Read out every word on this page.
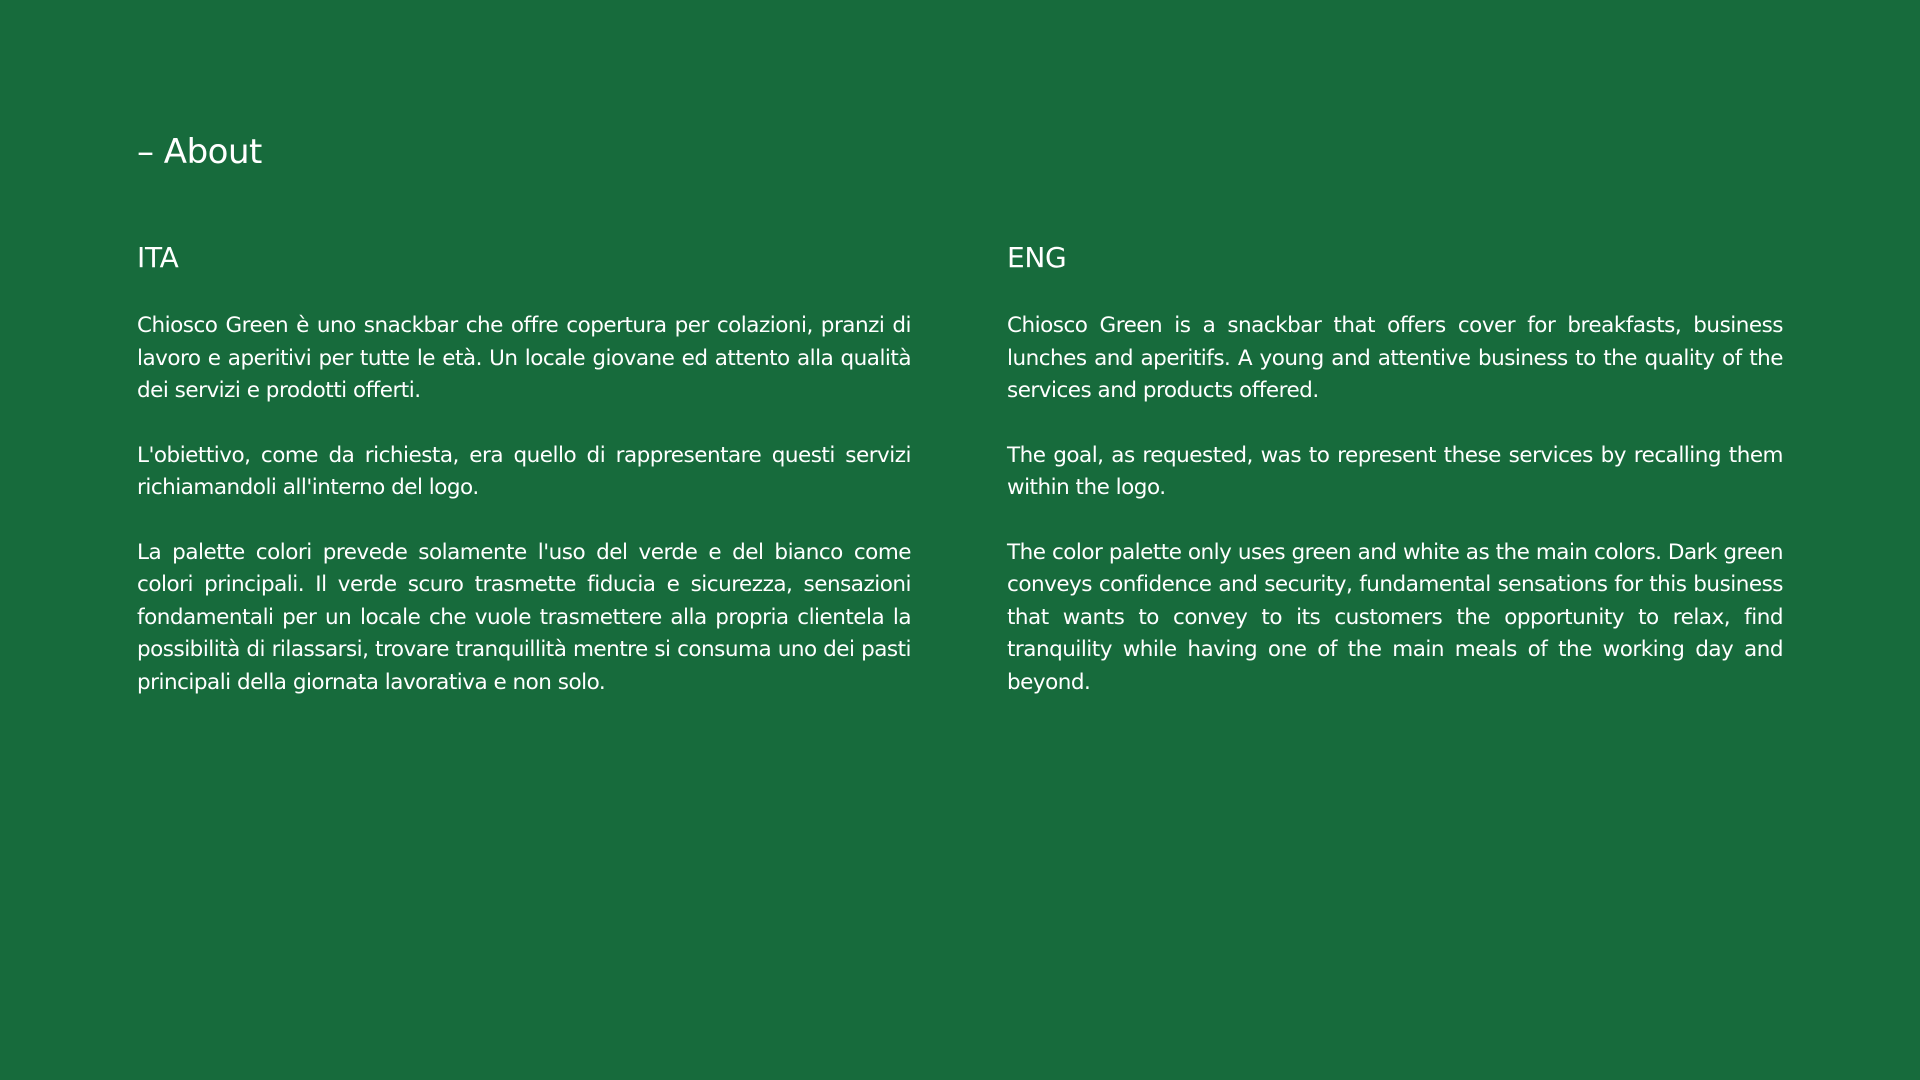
– About
ITA

Chiosco Green è uno snackbar che offre copertura per colazioni, pranzi di lavoro e aperitivi per tutte le età. Un locale giovane ed attento alla qualità dei servizi e prodotti offerti.

L'obiettivo, come da richiesta, era quello di rappresentare questi servizi richiamandoli all'interno del logo.

La palette colori prevede solamente l'uso del verde e del bianco come colori principali. Il verde scuro trasmette fiducia e sicurezza, sensazioni fondamentali per un locale che vuole trasmettere alla propria clientela la possibilità di rilassarsi, trovare tranquillità mentre si consuma uno dei pasti principali della giornata lavorativa e non solo.

ENG

Chiosco Green is a snackbar that offers cover for breakfasts, business lunches and aperitifs. A young and attentive business to the quality of the services and products offered.

The goal, as requested, was to represent these services by recalling them within the logo.

The color palette only uses green and white as the main colors. Dark green conveys confidence and security, fundamental sensations for this business that wants to convey to its customers the opportunity to relax, find tranquility while having one of the main meals of the working day and beyond.
